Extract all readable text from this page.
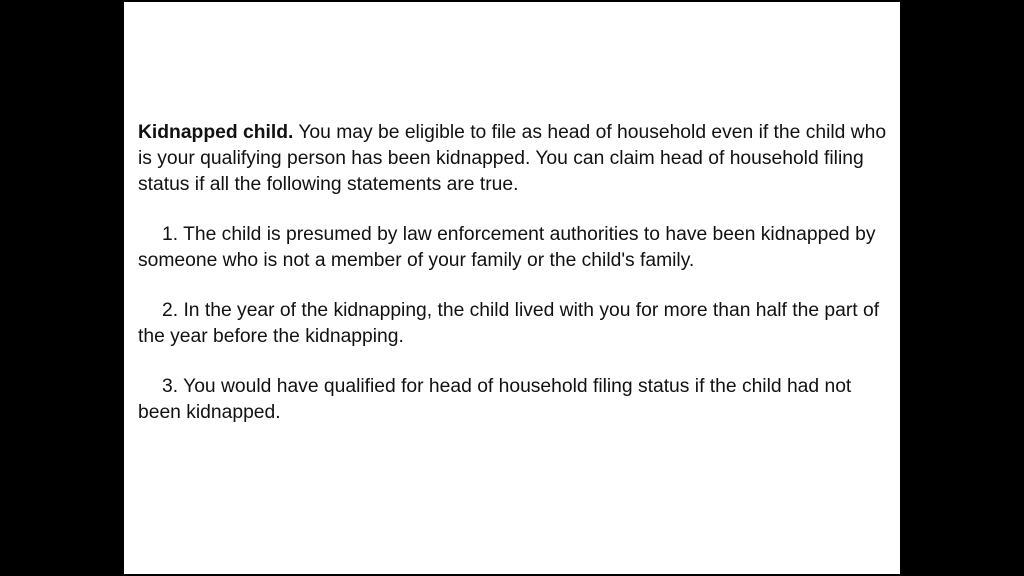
Kidnapped child. You may be eligible to file as head of household even if the child who is your qualifying person has been kidnapped. You can claim head of household filing status if all the following statements are true.

1. The child is presumed by law enforcement authorities to have been kidnapped by someone who is not a member of your family or the child's family.

2. In the year of the kidnapping, the child lived with you for more than half the part of the year before the kidnapping.

3. You would have qualified for head of household filing status if the child had not been kidnapped.
